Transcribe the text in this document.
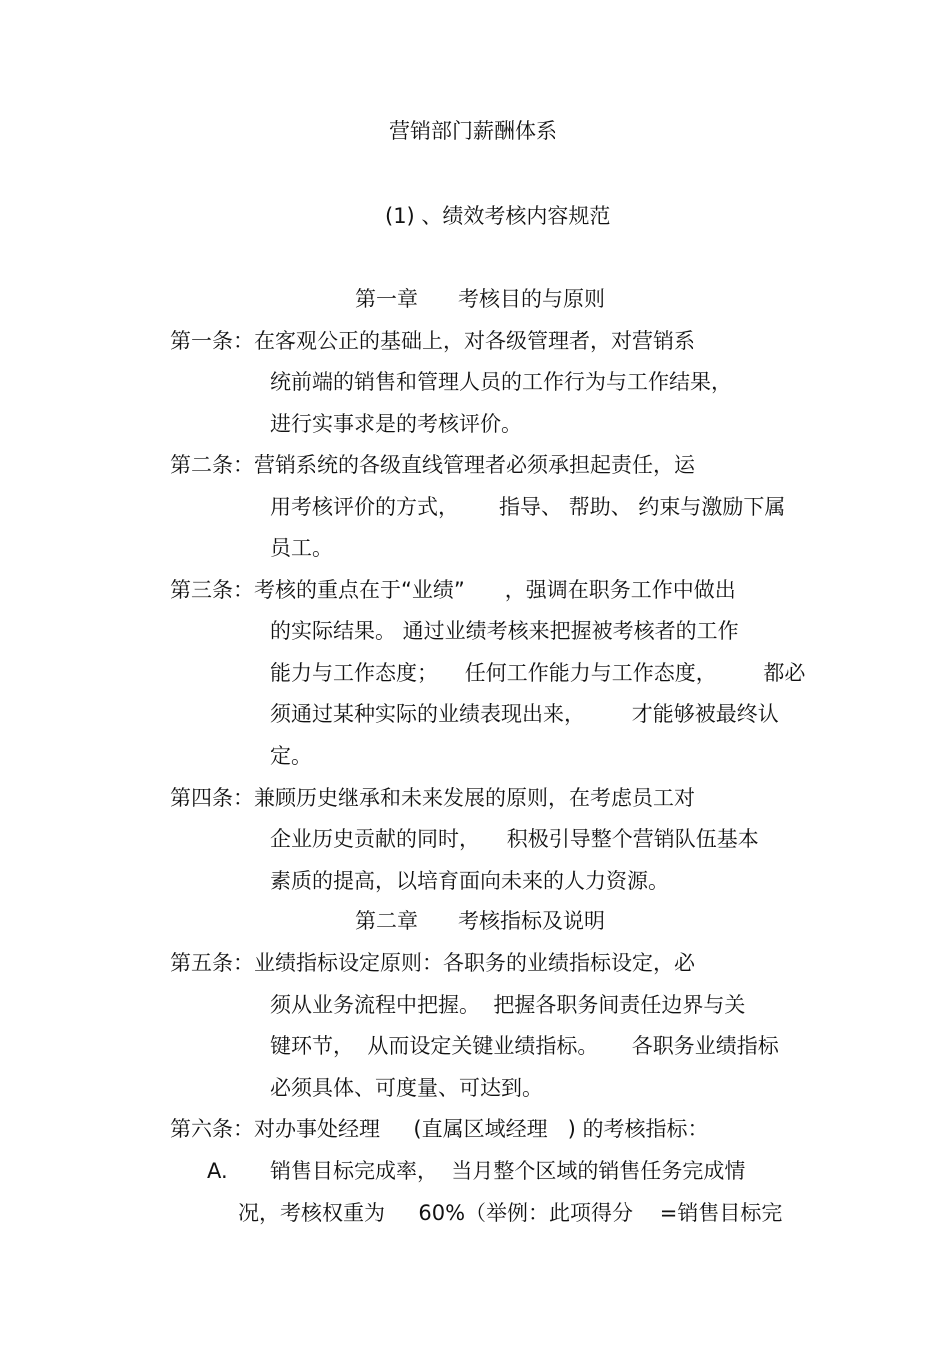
营销部门薪酬体系
(1) 、绩效考核内容规范
第一章      考核目的与原则
第一条：在客观公正的基础上，对各级管理者，对营销系
统前端的销售和管理人员的工作行为与工作结果，
进行实事求是的考核评价。
第二条：营销系统的各级直线管理者必须承担起责任，运
用考核评价的方式，      指导、 帮助、 约束与激励下属
员工。
第三条：考核的重点在于“业绩”      ，强调在职务工作中做出
的实际结果。 通过业绩考核来把握被考核者的工作
能力与工作态度；    任何工作能力与工作态度，       都必
须通过某种实际的业绩表现出来，       才能够被最终认
定。
第四条：兼顾历史继承和未来发展的原则，在考虑员工对
企业历史贡献的同时，    积极引导整个营销队伍基本
素质的提高，以培育面向未来的人力资源。
第二章      考核指标及说明
第五条：业绩指标设定原则：各职务的业绩指标设定，必
须从业务流程中把握。  把握各职务间责任边界与关
键环节，  从而设定关键业绩指标。     各职务业绩指标
必须具体、可度量、可达到。
第六条：对办事处经理     (直属区域经理   ) 的考核指标：
A. 销售目标完成率，  当月整个区域的销售任务完成情
况，考核权重为     60%（举例：此项得分    =销售目标完
